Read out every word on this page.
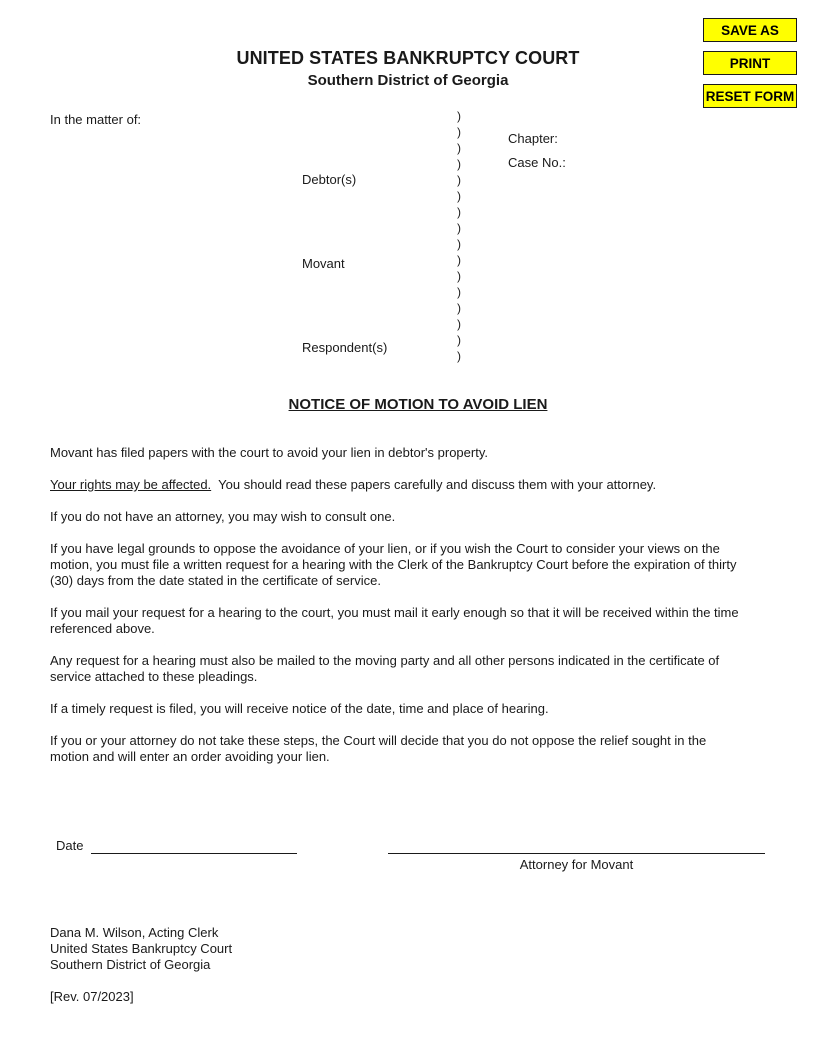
SAVE AS
PRINT
RESET FORM
UNITED STATES BANKRUPTCY COURT
Southern District of Georgia
In the matter of:
Debtor(s)
Movant
Respondent(s)
)
)
)
)
)
)
)
)
)
)
)
)
)
)
)
)
Chapter:
Case No.:
NOTICE OF MOTION TO AVOID LIEN

Movant has filed papers with the court to avoid your lien in debtor's property.

Your rights may be affected. You should read these papers carefully and discuss them with your attorney.

If you do not have an attorney, you may wish to consult one.

If you have legal grounds to oppose the avoidance of your lien, or if you wish the Court to consider your views on the
motion, you must file a written request for a hearing with the Clerk of the Bankruptcy Court before the expiration of thirty
(30) days from the date stated in the certificate of service.
If you mail your request for a hearing to the court, you must mail it early enough so that it will be received within the time
referenced above.
Any request for a hearing must also be mailed to the moving party and all other persons indicated in the certificate of
service attached to these pleadings.

If a timely request is filed, you will receive notice of the date, time and place of hearing.

If you or your attorney do not take these steps, the Court will decide that you do not oppose the relief sought in the
motion and will enter an order avoiding your lien.
Date
Attorney for Movant
Dana M. Wilson, Acting Clerk
United States Bankruptcy Court
Southern District of Georgia
[Rev. 07/2023]
